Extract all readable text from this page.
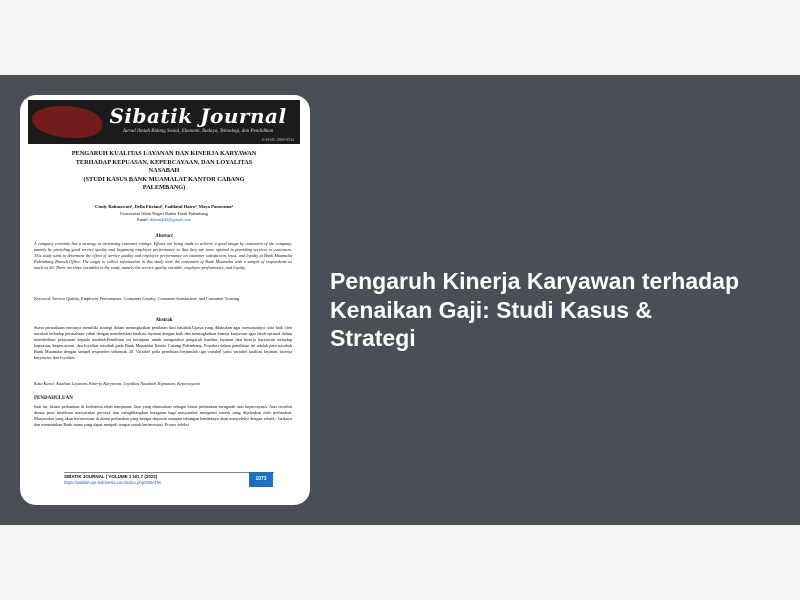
Sibatik Journal
Jurnal Ilmiah Bidang Sosial, Ekonomi, Budaya, Teknologi, dan Pendidikan
E-ISSN: 2809-8544
PENGARUH KUALITAS LAYANAN DAN KINERJA KARYAWAN
TERHADAP KEPUASAN, KEPERCAYAAN, DAN LOYALITAS
NASABAH
(STUDI KASUS BANK MUAMALAT KANTOR CABANG
PALEMBANG)
Cindy Rahmawati¹, Della Fitriani², Fadilatul Hairo³, Maya Panorama⁴
Universitas Islam Negeri Raden Fatah Palembang
Email: dilanisk45@gmail.com
Abstract
A company certainly has a strategy in increasing customer ratings. Efforts are being made to achieve a good image by customers of the company, namely by providing good service quality and beginning employee performance so that they are more optimal in providing services to customers. This study aims to determine the effect of service quality and employee performance on customer satisfaction, trust, and loyalty at Bank Muamalat Palembang Branch Office. The target to collect information in this study were the customers of Bank Muamalat with a sample of respondents as much as 20. There are three variables in the study, namely the service quality variable, employee performance, and loyalty.
Keyword: Service Quality, Employee Performance, Consumer Loyalty, Consumer Satisfaction, and Consumer Trusting.
Abstrak
Suatu perusahaan tentunya memiliki strategi dalam meningkatkan penilaian dari nasabah.Upaya yang dilakukan agar mencapainya citra baik oleh nasabah terhadap perusahaan yakni dengan memberikan kualitas layanan dengan baik dan meningkatkan kinerja karyawan agar lebih optimal dalam memberikan pelayanan kepada nasabah.Penelitian ini bertujuan untuk mengetahui pengaruh kualitas layanan dan kinerja karyawan terhadap kepuasan, kepercayaan, dan loyalitas nasabah pada Bank Muamalat Kantor Cabang Palembang. Populasi dalam penelitian ini adalah para nasabah Bank Muamalat dengan sampel responden sebanyak 20. Variabel pada penelitian berjumlah tiga variabel yaitu variabel kualitas layanan, kinerja karyawan, dan loyalitas.
Kata Kunci: Kualitas Layanan, Kinerja Karyawan, Loyalitas Nasabah, Kepuasan, Kepercayaan
PENDAHULUAN
Saat ini, bisnis perbankan di Indonesia telah menjamur. Jasa yang ditawarkan sebagai bisnis perbankan mengarah atas kepercayaan. Atas tersebut dimaz pasa membuat masyarakat percaya dan menghilangkan keraguan bagi masyarakat mengenai sistem yang dijalankan oleh perbankan. Masyarakat yang akan berinvestasi di dunia perbankan yang berupa deposito maupun tabungan hendaknya akan menyeleksi dengan sebaik - baiknya dan menentukan Bank mana yang dapat menjadi tempat untuk berinvestasi. Proses seleksi
SIBATIK JOURNAL | VOLUME 1 NO.7 (2022)
https://publish.ojs-indonesia.com/index.php/SIBATIK
1073
Pengaruh Kinerja Karyawan terhadap
Kenaikan Gaji: Studi Kasus &
Strategi
